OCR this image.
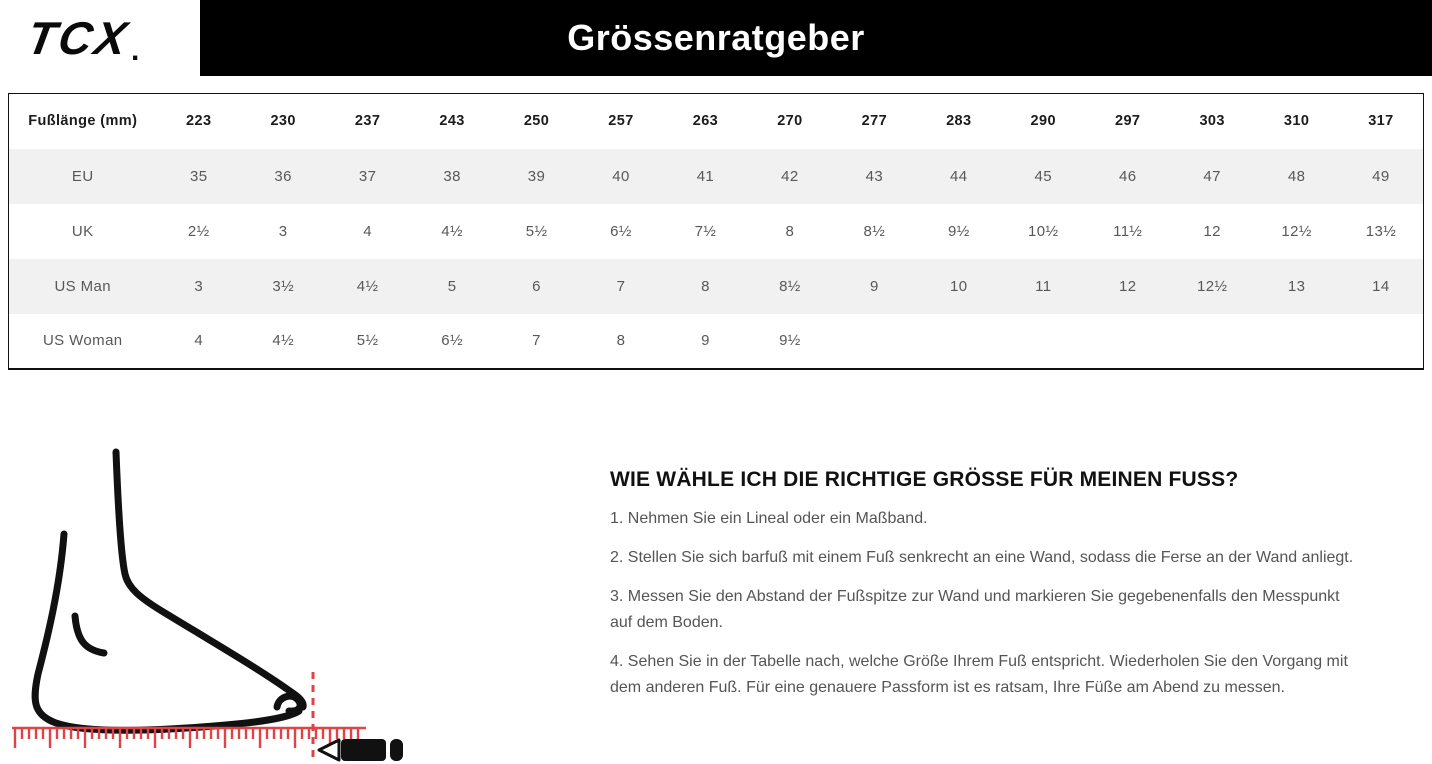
TCX
.	Grössenratgeber
Fußlänge (mm)	223	230	237	243	250	257	263	270	277	283	290	297	303	310	317
EU	35	36	37	38	39	40	41	42	43	44	45	46	47	48	49
UK	2½	3	4	4½	5½	6½	7½	8	8½	9½	10½	11½	12	12½	13½
US Man	3	3½	4½	5	6	7	8	8½	9	10	11	12	12½	13	14
US Woman	4	4½	5½	6½	7	8	9	9½							
WIE WÄHLE ICH DIE RICHTIGE GRÖSSE FÜR MEINEN FUSS?

1. Nehmen Sie ein Lineal oder ein Maßband.

2. Stellen Sie sich barfuß mit einem Fuß senkrecht an eine Wand, sodass die Ferse an der Wand anliegt.

3. Messen Sie den Abstand der Fußspitze zur Wand und markieren Sie gegebenenfalls den Messpunkt auf dem Boden.

4. Sehen Sie in der Tabelle nach, welche Größe Ihrem Fuß entspricht. Wiederholen Sie den Vorgang mit dem anderen Fuß. Für eine genauere Passform ist es ratsam, Ihre Füße am Abend zu messen.
